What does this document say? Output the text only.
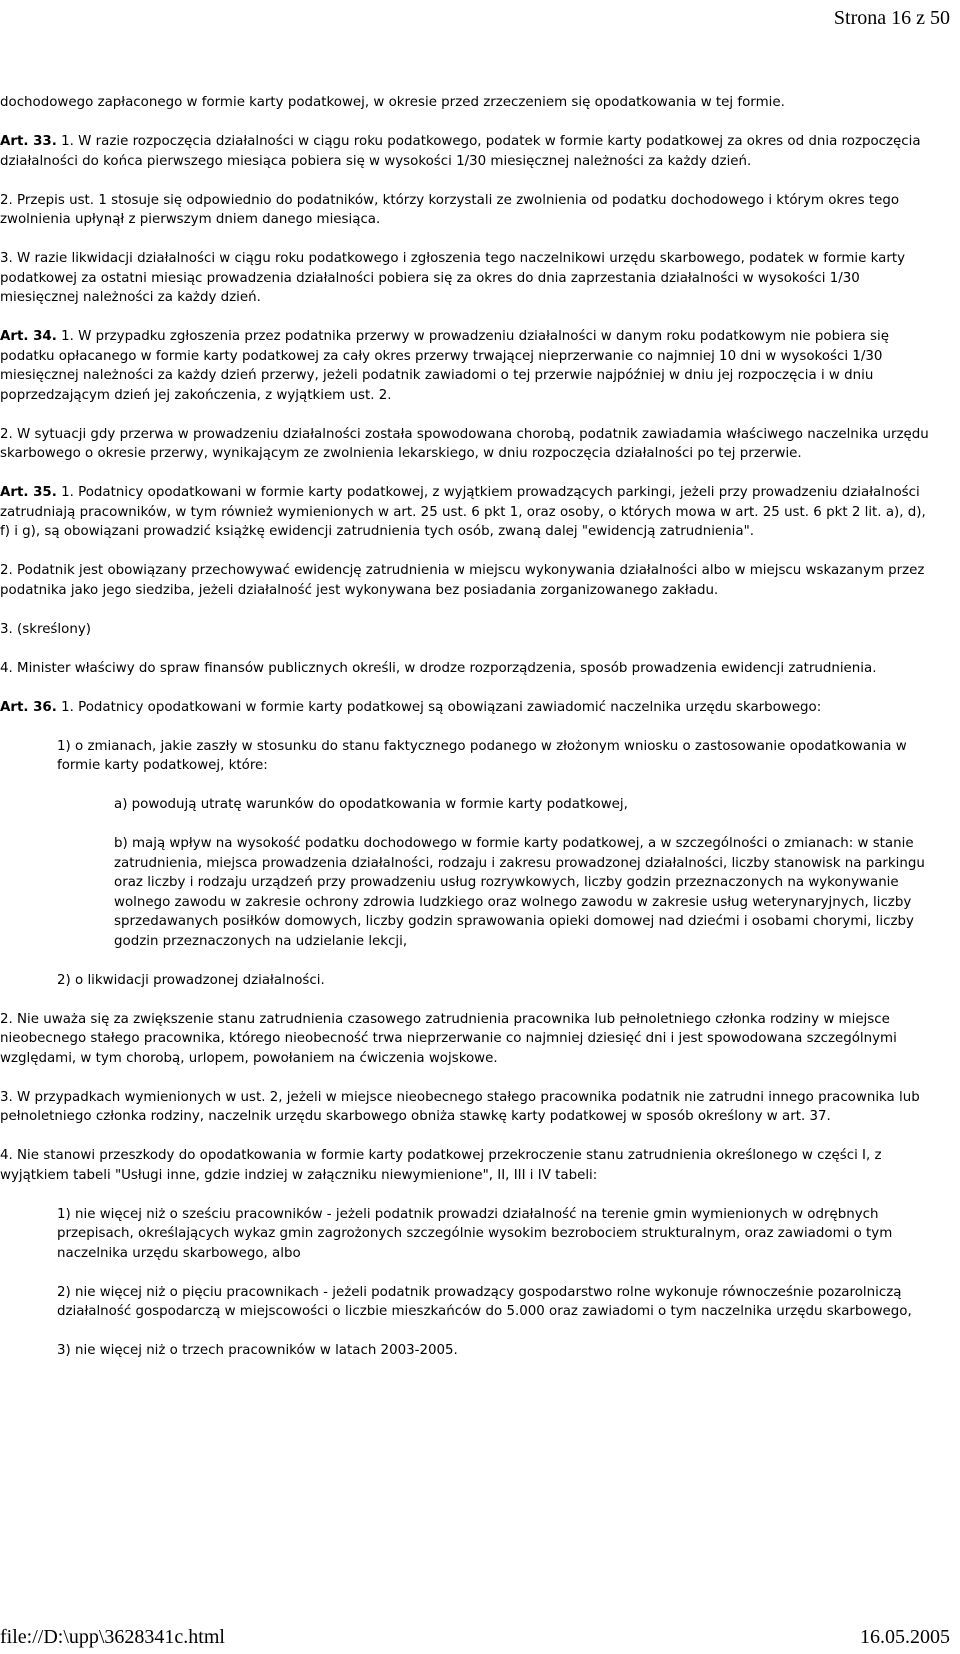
Strona 16 z 50

dochodowego zapłaconego w formie karty podatkowej, w okresie przed zrzeczeniem się opodatkowania w tej formie.

Art. 33. 1. W razie rozpoczęcia działalności w ciągu roku podatkowego, podatek w formie karty podatkowej za okres od dnia rozpoczęcia działalności do końca pierwszego miesiąca pobiera się w wysokości 1/30 miesięcznej należności za każdy dzień.

2. Przepis ust. 1 stosuje się odpowiednio do podatników, którzy korzystali ze zwolnienia od podatku dochodowego i którym okres tego zwolnienia upłynął z pierwszym dniem danego miesiąca.

3. W razie likwidacji działalności w ciągu roku podatkowego i zgłoszenia tego naczelnikowi urzędu skarbowego, podatek w formie karty podatkowej za ostatni miesiąc prowadzenia działalności pobiera się za okres do dnia zaprzestania działalności w wysokości 1/30 miesięcznej należności za każdy dzień.

Art. 34. 1. W przypadku zgłoszenia przez podatnika przerwy w prowadzeniu działalności w danym roku podatkowym nie pobiera się podatku opłacanego w formie karty podatkowej za cały okres przerwy trwającej nieprzerwanie co najmniej 10 dni w wysokości 1/30 miesięcznej należności za każdy dzień przerwy, jeżeli podatnik zawiadomi o tej przerwie najpóźniej w dniu jej rozpoczęcia i w dniu poprzedzającym dzień jej zakończenia, z wyjątkiem ust. 2.

2. W sytuacji gdy przerwa w prowadzeniu działalności została spowodowana chorobą, podatnik zawiadamia właściwego naczelnika urzędu skarbowego o okresie przerwy, wynikającym ze zwolnienia lekarskiego, w dniu rozpoczęcia działalności po tej przerwie.

Art. 35. 1. Podatnicy opodatkowani w formie karty podatkowej, z wyjątkiem prowadzących parkingi, jeżeli przy prowadzeniu działalności zatrudniają pracowników, w tym również wymienionych w art. 25 ust. 6 pkt 1, oraz osoby, o których mowa w art. 25 ust. 6 pkt 2 lit. a), d), f) i g), są obowiązani prowadzić książkę ewidencji zatrudnienia tych osób, zwaną dalej "ewidencją zatrudnienia".

2. Podatnik jest obowiązany przechowywać ewidencję zatrudnienia w miejscu wykonywania działalności albo w miejscu wskazanym przez podatnika jako jego siedziba, jeżeli działalność jest wykonywana bez posiadania zorganizowanego zakładu.

3. (skreślony)

4. Minister właściwy do spraw finansów publicznych określi, w drodze rozporządzenia, sposób prowadzenia ewidencji zatrudnienia.

Art. 36. 1. Podatnicy opodatkowani w formie karty podatkowej są obowiązani zawiadomić naczelnika urzędu skarbowego:

1) o zmianach, jakie zaszły w stosunku do stanu faktycznego podanego w złożonym wniosku o zastosowanie opodatkowania w formie karty podatkowej, które:

a) powodują utratę warunków do opodatkowania w formie karty podatkowej,

b) mają wpływ na wysokość podatku dochodowego w formie karty podatkowej, a w szczególności o zmianach: w stanie zatrudnienia, miejsca prowadzenia działalności, rodzaju i zakresu prowadzonej działalności, liczby stanowisk na parkingu oraz liczby i rodzaju urządzeń przy prowadzeniu usług rozrywkowych, liczby godzin przeznaczonych na wykonywanie wolnego zawodu w zakresie ochrony zdrowia ludzkiego oraz wolnego zawodu w zakresie usług weterynaryjnych, liczby sprzedawanych posiłków domowych, liczby godzin sprawowania opieki domowej nad dziećmi i osobami chorymi, liczby godzin przeznaczonych na udzielanie lekcji,

2) o likwidacji prowadzonej działalności.

2. Nie uważa się za zwiększenie stanu zatrudnienia czasowego zatrudnienia pracownika lub pełnoletniego członka rodziny w miejsce nieobecnego stałego pracownika, którego nieobecność trwa nieprzerwanie co najmniej dziesięć dni i jest spowodowana szczególnymi względami, w tym chorobą, urlopem, powołaniem na ćwiczenia wojskowe.

3. W przypadkach wymienionych w ust. 2, jeżeli w miejsce nieobecnego stałego pracownika podatnik nie zatrudni innego pracownika lub pełnoletniego członka rodziny, naczelnik urzędu skarbowego obniża stawkę karty podatkowej w sposób określony w art. 37.

4. Nie stanowi przeszkody do opodatkowania w formie karty podatkowej przekroczenie stanu zatrudnienia określonego w części I, z wyjątkiem tabeli "Usługi inne, gdzie indziej w załączniku niewymienione", II, III i IV tabeli:

1) nie więcej niż o sześciu pracowników - jeżeli podatnik prowadzi działalność na terenie gmin wymienionych w odrębnych przepisach, określających wykaz gmin zagrożonych szczególnie wysokim bezrobociem strukturalnym, oraz zawiadomi o tym naczelnika urzędu skarbowego, albo

2) nie więcej niż o pięciu pracownikach - jeżeli podatnik prowadzący gospodarstwo rolne wykonuje równocześnie pozarolniczą działalność gospodarczą w miejscowości o liczbie mieszkańców do 5.000 oraz zawiadomi o tym naczelnika urzędu skarbowego,

3) nie więcej niż o trzech pracowników w latach 2003-2005.

file://D:\upp\3628341c.html	16.05.2005
